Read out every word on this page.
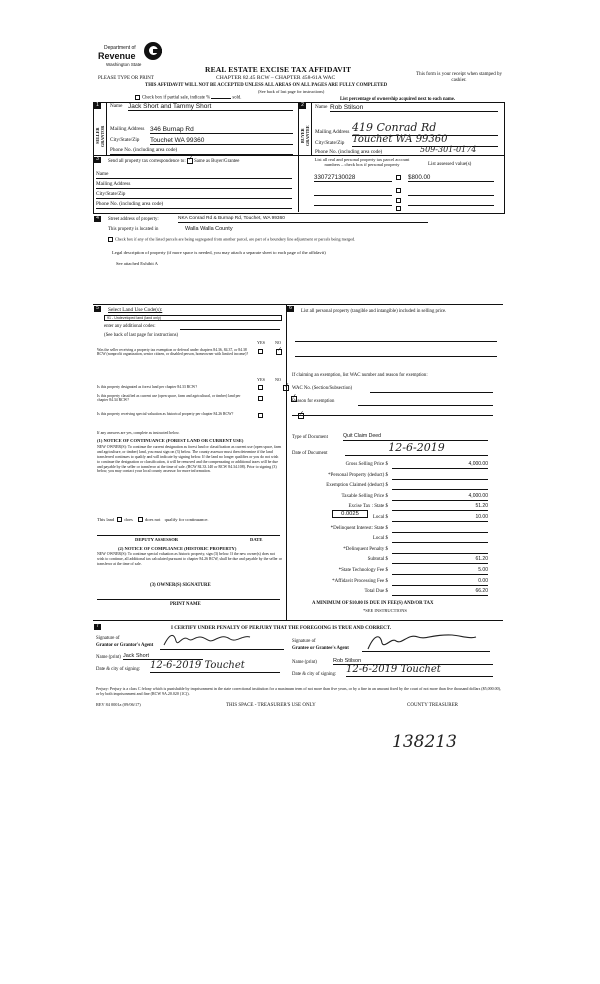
Department of
Revenue
Washington State
PLEASE TYPE OR PRINT
REAL ESTATE EXCISE TAX AFFIDAVIT
CHAPTER 82.45 RCW – CHAPTER 458-61A WAC
THIS AFFIDAVIT WILL NOT BE ACCEPTED UNLESS ALL AREAS ON ALL PAGES ARE FULLY COMPLETED
(See back of last page for instructions)
This form is your receipt when stamped by cashier.
Check box if partial sale, indicate %	sold.	List percentage of ownership acquired next to each name.
1
SELLER GRANTOR
Name Jack Short and Tammy Short
Mailing Address 346 Burnap Rd
City/State/Zip Touchet WA 99360
Phone No. (including area code)
2
BUYER GRANTEE
Name Rob Stilson
Mailing Address 419 Conrad Rd
City/State/Zip Touchet WA 99360
Phone No. (including area code)	509-301-0174
3	Send all property tax correspondence to: ✓ Same as Buyer/Grantee
Name
Mailing Address
City/State/Zip
Phone No. (including area code)
List all real and personal property tax parcel account numbers – check box if personal property	List assessed value(s)
330727130028	$800.00
4	Street address of property:	NKA Conrad Rd & Burnap Rd, Touchet, WA 99360
This property is located in	Walla Walla County
Check box if any of the listed parcels are being segregated from another parcel, are part of a boundary line adjustment or parcels being merged.
Legal description of property (if more space is needed, you may attach a separate sheet to each page of the affidavit)
See attached Exhibit A
5	Select Land Use Code(s):
91 - Undeveloped land (land only)
enter any additional codes:
(See back of last page for instructions)
YES NO
Was the seller receiving a property tax exemption or deferral under chapters 84.36, 84.37, or 84.38 RCW (nonprofit organization, senior citizen, or disabled person, homeowner with limited income)?
✓
YES NO
Is this property designated as forest land per chapter 84.33 RCW?
✓
Is this property classified as current use (open space, farm and agricultural, or timber) land per chapter 84.34 RCW?
✓
Is this property receiving special valuation as historical property per chapter 84.26 RCW?
✓
If any answers are yes, complete as instructed below.
(1) NOTICE OF CONTINUANCE (FOREST LAND OR CURRENT USE)
NEW OWNER(S): To continue the current designation as forest land or classification as current use (open space, farm and agriculture, or timber) land, you must sign on (3) below. The county assessor must then determine if the land transferred continues to qualify and will indicate by signing below. If the land no longer qualifies or you do not wish to continue the designation or classification, it will be removed and the compensating or additional taxes will be due and payable by the seller or transferor at the time of sale. (RCW 84.33.140 or RCW 84.34.108). Prior to signing (3) below, you may contact your local county assessor for more information.
This land does	does not qualify for continuance.
DEPUTY ASSESSOR	DATE
(2) NOTICE OF COMPLIANCE (HISTORIC PROPERTY)
NEW OWNER(S): To continue special valuation as historic property, sign (3) below. If the new owner(s) does not wish to continue, all additional tax calculated pursuant to chapter 84.26 RCW, shall be due and payable by the seller or transferor at the time of sale.
(3) OWNER(S) SIGNATURE
PRINT NAME
6
List all personal property (tangible and intangible) included in selling price.
If claiming an exemption, list WAC number and reason for exemption:
WAC No. (Section/Subsection)
Reason for exemption
Type of Document	Quit Claim Deed
Date of Document	12-6-2019
Gross Selling Price $	4,000.00
*Personal Property (deduct) $
Exemption Claimed (deduct) $
Taxable Selling Price $	4,000.00
Excise Tax : State $	51.20
Local $	10.00
*Delinquent Interest: State $
Local $
*Delinquent Penalty $
Subtotal $	61.20
*State Technology Fee $	5.00
*Affidavit Processing Fee $	0.00
Total Due $	66.20
0.0025
A MINIMUM OF $10.00 IS DUE IN FEE(S) AND/OR TAX
*SEE INSTRUCTIONS
7	I CERTIFY UNDER PENALTY OF PERJURY THAT THE FOREGOING IS TRUE AND CORRECT.
Signature of
Grantor or Grantor's Agent
Name (print) Jack Short
Date & city of signing: 12-6-2019 Touchet
Signature of
Grantee or Grantee's Agent
Name (print)	Rob Stilson
Date & city of signing: 12-6-2019 Touchet
Perjury: Perjury is a class C felony which is punishable by imprisonment in the state correctional institution for a maximum term of not more than five years, or by a fine in an amount fixed by the court of not more than five thousand dollars ($5,000.00), or by both imprisonment and fine (RCW 9A.20.020 (1C)).
REV 84 0001a (09/06/17)	THIS SPACE - TREASURER'S USE ONLY	COUNTY TREASURER
138213
